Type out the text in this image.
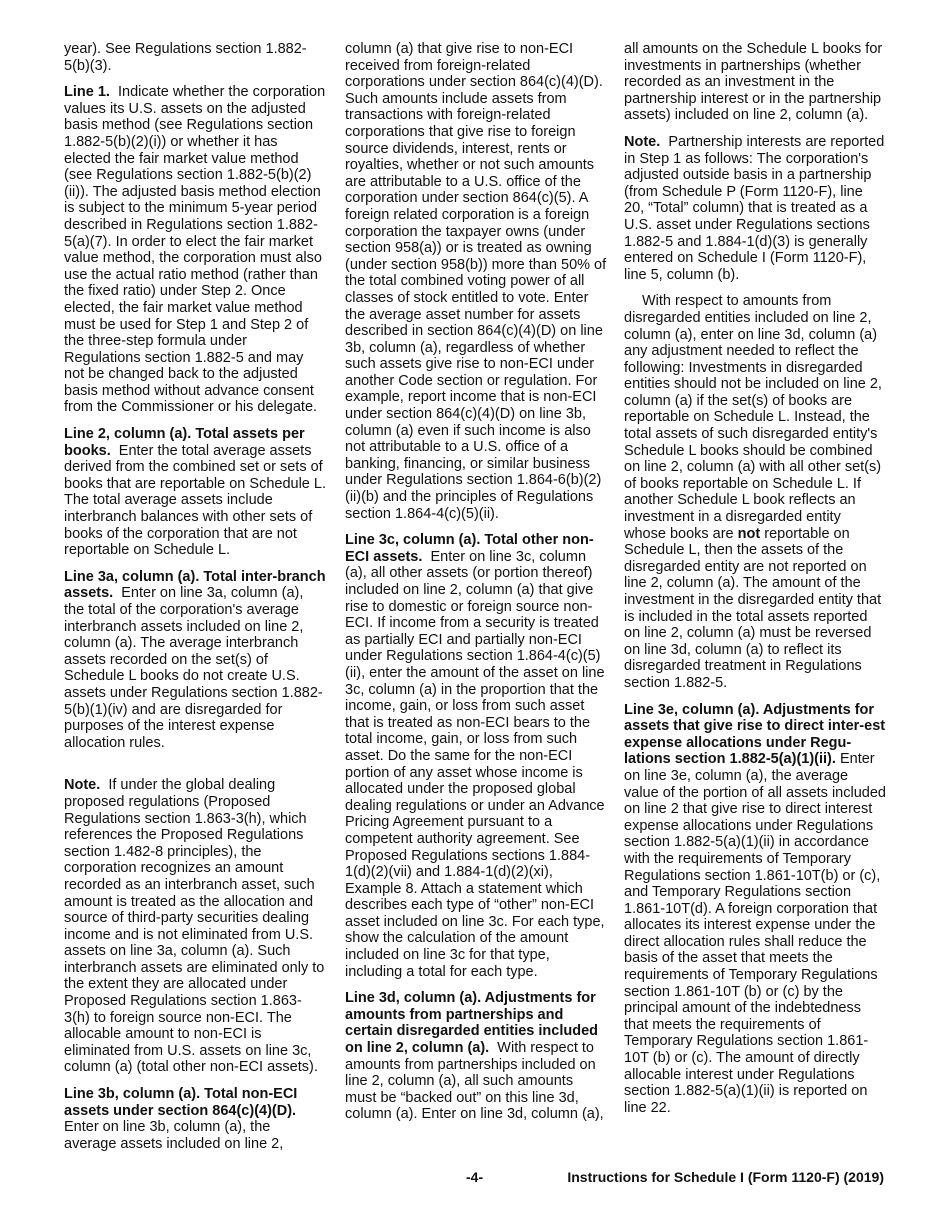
year). See Regulations section 1.882-5(b)(3).

Line 1. Indicate whether the corporation values its U.S. assets on the adjusted basis method (see Regulations section 1.882-5(b)(2)(i)) or whether it has elected the fair market value method (see Regulations section 1.882-5(b)(2)(ii)). The adjusted basis method election is subject to the minimum 5-year period described in Regulations section 1.882-5(a)(7). In order to elect the fair market value method, the corporation must also use the actual ratio method (rather than the fixed ratio) under Step 2. Once elected, the fair market value method must be used for Step 1 and Step 2 of the three-step formula under Regulations section 1.882-5 and may not be changed back to the adjusted basis method without advance consent from the Commissioner or his delegate.

Line 2, column (a). Total assets per books. Enter the total average assets derived from the combined set or sets of books that are reportable on Schedule L. The total average assets include interbranch balances with other sets of books of the corporation that are not reportable on Schedule L.

Line 3a, column (a). Total inter-branch assets. Enter on line 3a, column (a), the total of the corporation's average interbranch assets included on line 2, column (a). The average interbranch assets recorded on the set(s) of Schedule L books do not create U.S. assets under Regulations section 1.882-5(b)(1)(iv) and are disregarded for purposes of the interest expense allocation rules.

Note. If under the global dealing proposed regulations (Proposed Regulations section 1.863-3(h), which references the Proposed Regulations section 1.482-8 principles), the corporation recognizes an amount recorded as an interbranch asset, such amount is treated as the allocation and source of third-party securities dealing income and is not eliminated from U.S. assets on line 3a, column (a). Such interbranch assets are eliminated only to the extent they are allocated under Proposed Regulations section 1.863-3(h) to foreign source non-ECI. The allocable amount to non-ECI is eliminated from U.S. assets on line 3c, column (a) (total other non-ECI assets).

Line 3b, column (a). Total non-ECI assets under section 864(c)(4)(D). Enter on line 3b, column (a), the average assets included on line 2,

column (a) that give rise to non-ECI received from foreign-related corporations under section 864(c)(4)(D). Such amounts include assets from transactions with foreign-related corporations that give rise to foreign source dividends, interest, rents or royalties, whether or not such amounts are attributable to a U.S. office of the corporation under section 864(c)(5). A foreign related corporation is a foreign corporation the taxpayer owns (under section 958(a)) or is treated as owning (under section 958(b)) more than 50% of the total combined voting power of all classes of stock entitled to vote. Enter the average asset number for assets described in section 864(c)(4)(D) on line 3b, column (a), regardless of whether such assets give rise to non-ECI under another Code section or regulation. For example, report income that is non-ECI under section 864(c)(4)(D) on line 3b, column (a) even if such income is also not attributable to a U.S. office of a banking, financing, or similar business under Regulations section 1.864-6(b)(2)(ii)(b) and the principles of Regulations section 1.864-4(c)(5)(ii).

Line 3c, column (a). Total other non-ECI assets. Enter on line 3c, column (a), all other assets (or portion thereof) included on line 2, column (a) that give rise to domestic or foreign source non-ECI. If income from a security is treated as partially ECI and partially non-ECI under Regulations section 1.864-4(c)(5)(ii), enter the amount of the asset on line 3c, column (a) in the proportion that the income, gain, or loss from such asset that is treated as non-ECI bears to the total income, gain, or loss from such asset. Do the same for the non-ECI portion of any asset whose income is allocated under the proposed global dealing regulations or under an Advance Pricing Agreement pursuant to a competent authority agreement. See Proposed Regulations sections 1.884-1(d)(2)(vii) and 1.884-1(d)(2)(xi), Example 8. Attach a statement which describes each type of “other” non-ECI asset included on line 3c. For each type, show the calculation of the amount included on line 3c for that type, including a total for each type.

Line 3d, column (a). Adjustments for amounts from partnerships and certain disregarded entities included on line 2, column (a). With respect to amounts from partnerships included on line 2, column (a), all such amounts must be “backed out” on this line 3d, column (a). Enter on line 3d, column (a),

all amounts on the Schedule L books for investments in partnerships (whether recorded as an investment in the partnership interest or in the partnership assets) included on line 2, column (a).

Note. Partnership interests are reported in Step 1 as follows: The corporation's adjusted outside basis in a partnership (from Schedule P (Form 1120-F), line 20, “Total” column) that is treated as a U.S. asset under Regulations sections 1.882-5 and 1.884-1(d)(3) is generally entered on Schedule I (Form 1120-F), line 5, column (b).

With respect to amounts from disregarded entities included on line 2, column (a), enter on line 3d, column (a) any adjustment needed to reflect the following: Investments in disregarded entities should not be included on line 2, column (a) if the set(s) of books are reportable on Schedule L. Instead, the total assets of such disregarded entity's Schedule L books should be combined on line 2, column (a) with all other set(s) of books reportable on Schedule L. If another Schedule L book reflects an investment in a disregarded entity whose books are not reportable on Schedule L, then the assets of the disregarded entity are not reported on line 2, column (a). The amount of the investment in the disregarded entity that is included in the total assets reported on line 2, column (a) must be reversed on line 3d, column (a) to reflect its disregarded treatment in Regulations section 1.882-5.

Line 3e, column (a). Adjustments for assets that give rise to direct inter-est expense allocations under Regu-lations section 1.882-5(a)(1)(ii). Enter on line 3e, column (a), the average value of the portion of all assets included on line 2 that give rise to direct interest expense allocations under Regulations section 1.882-5(a)(1)(ii) in accordance with the requirements of Temporary Regulations section 1.861-10T(b) or (c), and Temporary Regulations section 1.861-10T(d). A foreign corporation that allocates its interest expense under the direct allocation rules shall reduce the basis of the asset that meets the requirements of Temporary Regulations section 1.861-10T (b) or (c) by the principal amount of the indebtedness that meets the requirements of Temporary Regulations section 1.861-10T (b) or (c). The amount of directly allocable interest under Regulations section 1.882-5(a)(1)(ii) is reported on line 22.

-4-	Instructions for Schedule I (Form 1120-F) (2019)
